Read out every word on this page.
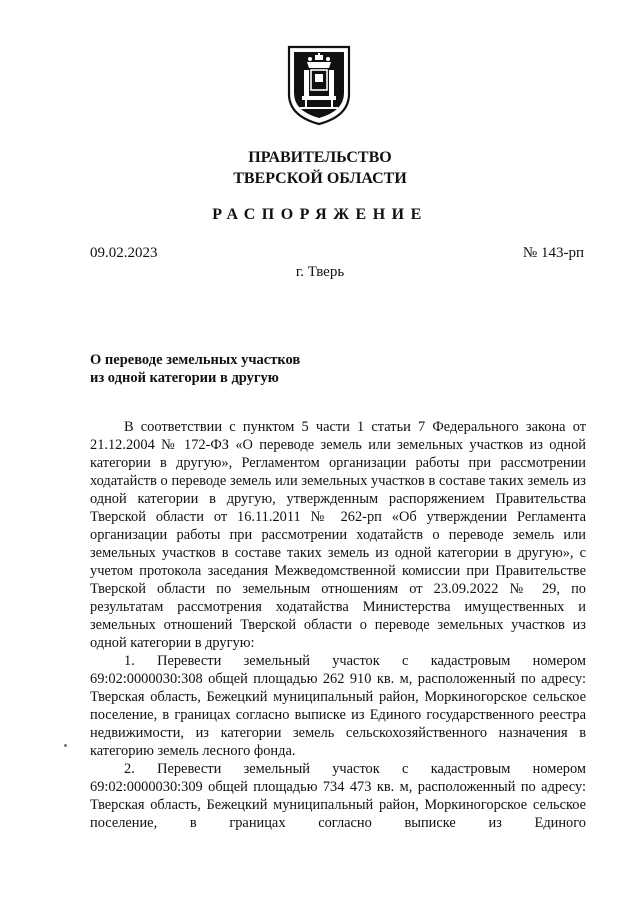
ПРАВИТЕЛЬСТВО
ТВЕРСКОЙ ОБЛАСТИ
РАСПОРЯЖЕНИЕ
09.02.2023	№ 143-рп
г. Тверь
О переводе земельных участков
из одной категории в другую

В соответствии с пунктом 5 части 1 статьи 7 Федерального закона от 21.12.2004 № 172-ФЗ «О переводе земель или земельных участков из одной категории в другую», Регламентом организации работы при рассмотрении ходатайств о переводе земель или земельных участков в составе таких земель из одной категории в другую, утвержденным распоряжением Правительства Тверской области от 16.11.2011 № 262-рп «Об утверждении Регламента организации работы при рассмотрении ходатайств о переводе земель или земельных участков в составе таких земель из одной категории в другую», с учетом протокола заседания Межведомственной комиссии при Правительстве Тверской области по земельным отношениям от 23.09.2022 № 29, по результатам рассмотрения ходатайства Министерства имущественных и земельных отношений Тверской области о переводе земельных участков из одной категории в другую:

1. Перевести земельный участок с кадастровым номером 69:02:0000030:308 общей площадью 262 910 кв. м, расположенный по адресу: Тверская область, Бежецкий муниципальный район, Моркиногорское сельское поселение, в границах согласно выписке из Единого государственного реестра недвижимости, из категории земель сельскохозяйственного назначения в категорию земель лесного фонда.

2. Перевести земельный участок с кадастровым номером 69:02:0000030:309 общей площадью 734 473 кв. м, расположенный по адресу: Тверская область, Бежецкий муниципальный район, Моркиногорское сельское поселение, в границах согласно выписке из Единого
